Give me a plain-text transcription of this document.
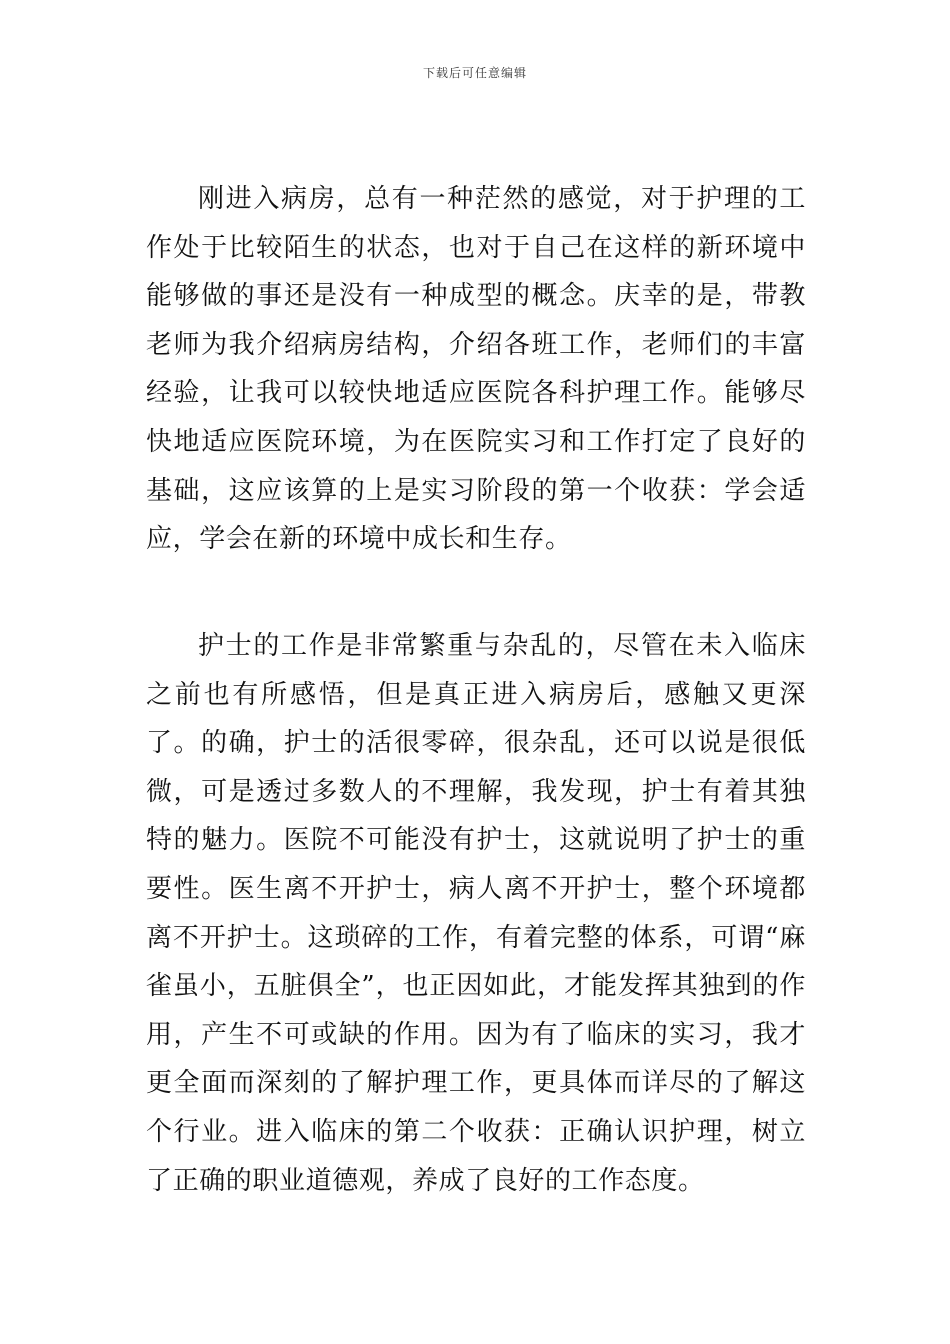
下载后可任意编辑

刚进入病房，总有一种茫然的感觉，对于护理的工作处于比较陌生的状态，也对于自己在这样的新环境中能够做的事还是没有一种成型的概念。庆幸的是，带教老师为我介绍病房结构，介绍各班工作，老师们的丰富经验，让我可以较快地适应医院各科护理工作。能够尽快地适应医院环境，为在医院实习和工作打定了良好的基础，这应该算的上是实习阶段的第一个收获：学会适应，学会在新的环境中成长和生存。

护士的工作是非常繁重与杂乱的，尽管在未入临床之前也有所感悟，但是真正进入病房后，感触又更深了。的确，护士的活很零碎，很杂乱，还可以说是很低微，可是透过多数人的不理解，我发现，护士有着其独特的魅力。医院不可能没有护士，这就说明了护士的重要性。医生离不开护士，病人离不开护士，整个环境都离不开护士。这琐碎的工作，有着完整的体系，可谓“麻雀虽小，五脏俱全”，也正因如此，才能发挥其独到的作用，产生不可或缺的作用。因为有了临床的实习，我才更全面而深刻的了解护理工作，更具体而详尽的了解这个行业。进入临床的第二个收获：正确认识护理，树立了正确的职业道德观，养成了良好的工作态度。
